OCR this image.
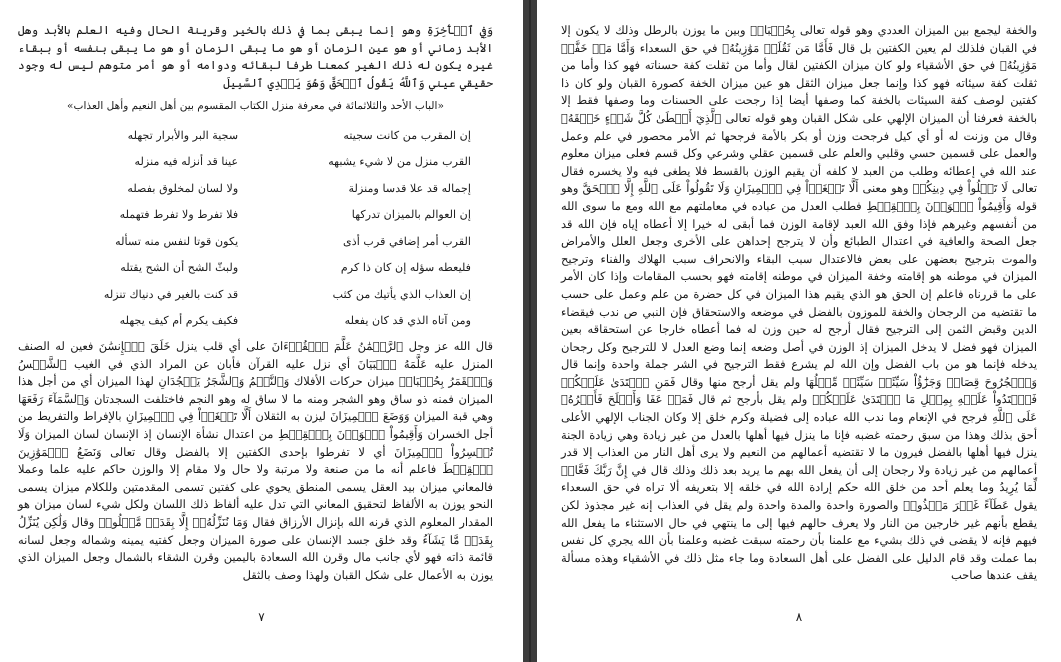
وَفِي ٱلۡأٓخِرَةِ وهو إنما يبقى بما في ذلك بالخير وقرينة الحال وفيه العلم بالأبد وهل الأبد زماني أو هو عين الزمان أو هو ما يبقى الزمان أو هو ما يبقى بنفسه أو ببقاء غيره يكون له ذلك الغير كمعنا طرفا لبقائه ودوامه أو هو أمر متوهم ليس له وجود حقيقي عيني وَٱللَّهُ يَقُولُ ٱلۡحَقَّ وَهُوَ يَهۡدِي ٱلسَّبِيلَ

«الباب الأحد والثلاثمائة في معرفة منزل الكتاب المقسوم بين أهل النعيم وأهل العذاب»
إن المقرب من كانت سجيته
سجية البر والأبرار تجهله
القرب منزل من لا شيء يشبهه
عينا قد أنزله فيه منزله
إجماله قد علا قدسا ومنزلة
ولا لسان لمخلوق بفصله
إن العوالم بالميزان تدركها
فلا تفرط ولا تفرط فتهمله
القرب أمر إضافي قرب أذى
يكون قوتا لنفس منه تسأله
فليعطه سؤله إن كان ذا كرم
ولبثّ الشح أن الشح يقتله
إن العذاب الذي يأتيك من كثب
قد كنت بالغير في دنياك تنزله
ومن آتاه الذي قد كان يفعله
فكيف يكرم أم كيف يجهله

قال الله عز وجل ٱلرَّحۡمَٰنُ عَلَّمَ ٱلۡقُرۡءَانَ على أي قلب ينزل خَلَقَ ٱلۡإِنسَٰنَ فعين له الصنف المنزل عليه عَلَّمَهُ ٱلۡبَيَانَ أي نزل عليه القرآن فأبان عن المراد الذي في الغيب ٱلشَّمۡسُ وَٱلۡقَمَرُ بِحُسۡبَانٖ ميزان حركات الأفلاك وَٱلنَّجۡمُ وَٱلشَّجَرُ يَسۡجُدَانِ لهذا الميزان أي من أجل هذا الميزان فمنه ذو ساق وهو الشجر ومنه ما لا ساق له وهو النجم فاختلفت السجدتان وَٱلسَّمَآءَ رَفَعَهَا وهي قبة الميزان وَوَضَعَ ٱلۡمِيزَانَ ليزن به الثقلان أَلَّا تَطۡغَوۡاْ فِي ٱلۡمِيزَانِ بالإفراط والتفريط من أجل الخسران وَأَقِيمُواْ ٱلۡوَزۡنَ بِٱلۡقِسۡطِ من اعتدال نشأة الإنسان إذ الإنسان لسان الميزان وَلَا تُخۡسِرُواْ ٱلۡمِيزَانَ أي لا تفرطوا بإحدى الكفتين إلا بالفضل وقال تعالى وَنَضَعُ ٱلۡمَوَٰزِينَ ٱلۡقِسۡطَ فاعلم أنه ما من صنعة ولا مرتبة ولا حال ولا مقام إلا والوزن حاكم عليه علما وعملا فالمعاني ميزان بيد العقل يسمى المنطق يحوي على كفتين تسمى المقدمتين وللكلام ميزان يسمى النحو يوزن به الألفاظ لتحقيق المعاني التي تدل عليه ألفاظ ذلك اللسان ولكل شيء لسان ميزان هو المقدار المعلوم الذي قرنه الله بإنزال الأرزاق فقال وَمَا نُنَزِّلُهُۥٓ إِلَّا بِقَدَرٖ مَّعۡلُومٖ وقال وَلَٰكِن يُنَزِّلُ بِقَدَرٖ مَّا يَشَآءُ وقد خلق جسد الإنسان على صورة الميزان وجعل كفتيه يمينه وشماله وجعل لسانه قائمة ذاته فهو لأي جانب مال وقرن الله السعادة باليمين وقرن الشقاء بالشمال وجعل الميزان الذي يوزن به الأعمال على شكل القبان ولهذا وصف بالثقل

٧

والخفة ليجمع بين الميزان العددي وهو قوله تعالى بِحُسۡبَانٖ وبين ما يوزن بالرطل وذلك لا يكون إلا في القبان فلذلك لم يعين الكفتين بل قال فَأَمَّا مَن ثَقُلَتۡ مَوَٰزِينُهُۥ في حق السعداء وَأَمَّا مَنۡ خَفَّتۡ مَوَٰزِينُهُۥ في حق الأشقياء ولو كان ميزان الكفتين لقال وأما من ثقلت كفة حسناته فهو كذا وأما من ثقلت كفة سيئاته فهو كذا وإنما جعل ميزان الثقل هو عين ميزان الخفة كصورة القبان ولو كان ذا كفتين لوصف كفة السيئات بالخفة كما وصفها أيضا إذا رجحت على الحسنات وما وصفها فقط إلا بالخفة فعرفنا أن الميزان الإلهي على شكل القبان وهو قوله تعالى ٱلَّذِيٓ أَعۡطَىٰ كُلَّ شَيۡءٍ خَلۡقَهُۥ وقال من وزنت له أو أي كيل فرجحت وزن أو بكر بالأمة فرجحها ثم الأمر محصور في علم وعمل والعمل على قسمين حسي وقلبي والعلم على قسمين عقلي وشرعي وكل قسم فعلى ميزان معلوم عند الله في إعطائه وطلب من العبد لا كلفه أن يقيم الوزن بالقسط فلا يطغى فيه ولا يخسره فقال تعالى لَا تَغۡلُواْ فِي دِينِكُمۡ وهو معنى أَلَّا تَطۡغَوۡاْ فِي ٱلۡمِيزَانِ وَلَا تَقُولُواْ عَلَى ٱللَّهِ إِلَّا ٱلۡحَقَّ وهو قوله وَأَقِيمُواْ ٱلۡوَزۡنَ بِٱلۡقِسۡطِ فطلب العدل من عباده في معاملتهم مع الله ومع ما سوى الله من أنفسهم وغيرهم فإذا وفق الله العبد لإقامة الوزن فما أبقى له خيرا إلا أعطاه إياه فإن الله قد جعل الصحة والعافية في اعتدال الطبائع وأن لا يترجح إحداهن على الأخرى وجعل العلل والأمراض والموت بترجيح بعضهن على بعض فالاعتدال سبب البقاء والانحراف سبب الهلاك والفناء وترجيح الميزان في موطنه هو إقامته وخفة الميزان في موطنه إقامته فهو بحسب المقامات وإذا كان الأمر على ما قررناه فاعلم إن الحق هو الذي يقيم هذا الميزان في كل حضرة من علم وعمل على حسب ما تقتضيه من الرجحان والخفة للموزون بالفضل في موضعه والاستحقاق فإن النبي ص ندب فيقضاء الدين وقبض الثمن إلى الترجيح فقال أرجح له حين وزن له فما أعطاه خارجا عن استحقاقه بعين الميزان فهو فضل لا يدخل الميزان إذ الوزن في أصل وضعه إنما وضع العدل لا للترجيح وكل رجحان يدخله فإنما هو من باب الفضل وإن الله لم يشرع فقط الترجيح في الشر جملة واحدة وإنما قال وَٱلۡجُرُوحَ قِصَاصٞ وَجَزَٰٓؤُاْ سَيِّئَةٖ سَيِّئَةٞ مِّثۡلُهَا ولم يقل أرجح منها وقال فَمَنِ ٱعۡتَدَىٰ عَلَيۡكُمۡ فَٱعۡتَدُواْ عَلَيۡهِ بِمِثۡلِ مَا ٱعۡتَدَىٰ عَلَيۡكُمۡ ولم يقل بأرجح ثم قال فَمَنۡ عَفَا وَأَصۡلَحَ فَأَجۡرُهُۥ عَلَى ٱللَّهِ فرجح في الإنعام وما ندب الله عباده إلى فضيلة وكرم خلق إلا وكان الجناب الإلهي الأعلى أحق بذلك وهذا من سبق رحمته غضبه فإنا ما ينزل فيها أهلها بالعدل من غير زيادة وهي زيادة الجنة ينزل فيها أهلها بالفضل فيرون ما لا تقتضيه أعمالهم من النعيم ولا يرى أهل النار من العذاب إلا قدر أعمالهم من غير زيادة ولا رجحان إلى أن يفعل الله بهم ما يريد بعد ذلك وذلك قال في إِنَّ رَبَّكَ فَعَّالٞ لِّمَا يُرِيدُ وما يعلم أحد من خلق الله حكم إرادة الله في خلقه إلا بتعريفه ألا تراه في حق السعداء يقول عَطَآءً غَيۡرَ مَجۡذُوذٖ والصورة واحدة والمدة واحدة ولم يقل في العذاب إنه غير مجذوذ لكن يقطع بأنهم غير خارجين من النار ولا يعرف حالهم فيها إلى ما ينتهي في حال الاستثناء ما يفعل الله فيهم فإنه لا يقضى في ذلك بشيء مع علمنا بأن رحمته سبقت غضبه وعلمنا بأن الله يجري كل نفس بما عملت وقد قام الدليل على الفضل على أهل السعادة وما جاء مثل ذلك في الأشقياء وهذه مسألة يقف عندها صاحب

٨
